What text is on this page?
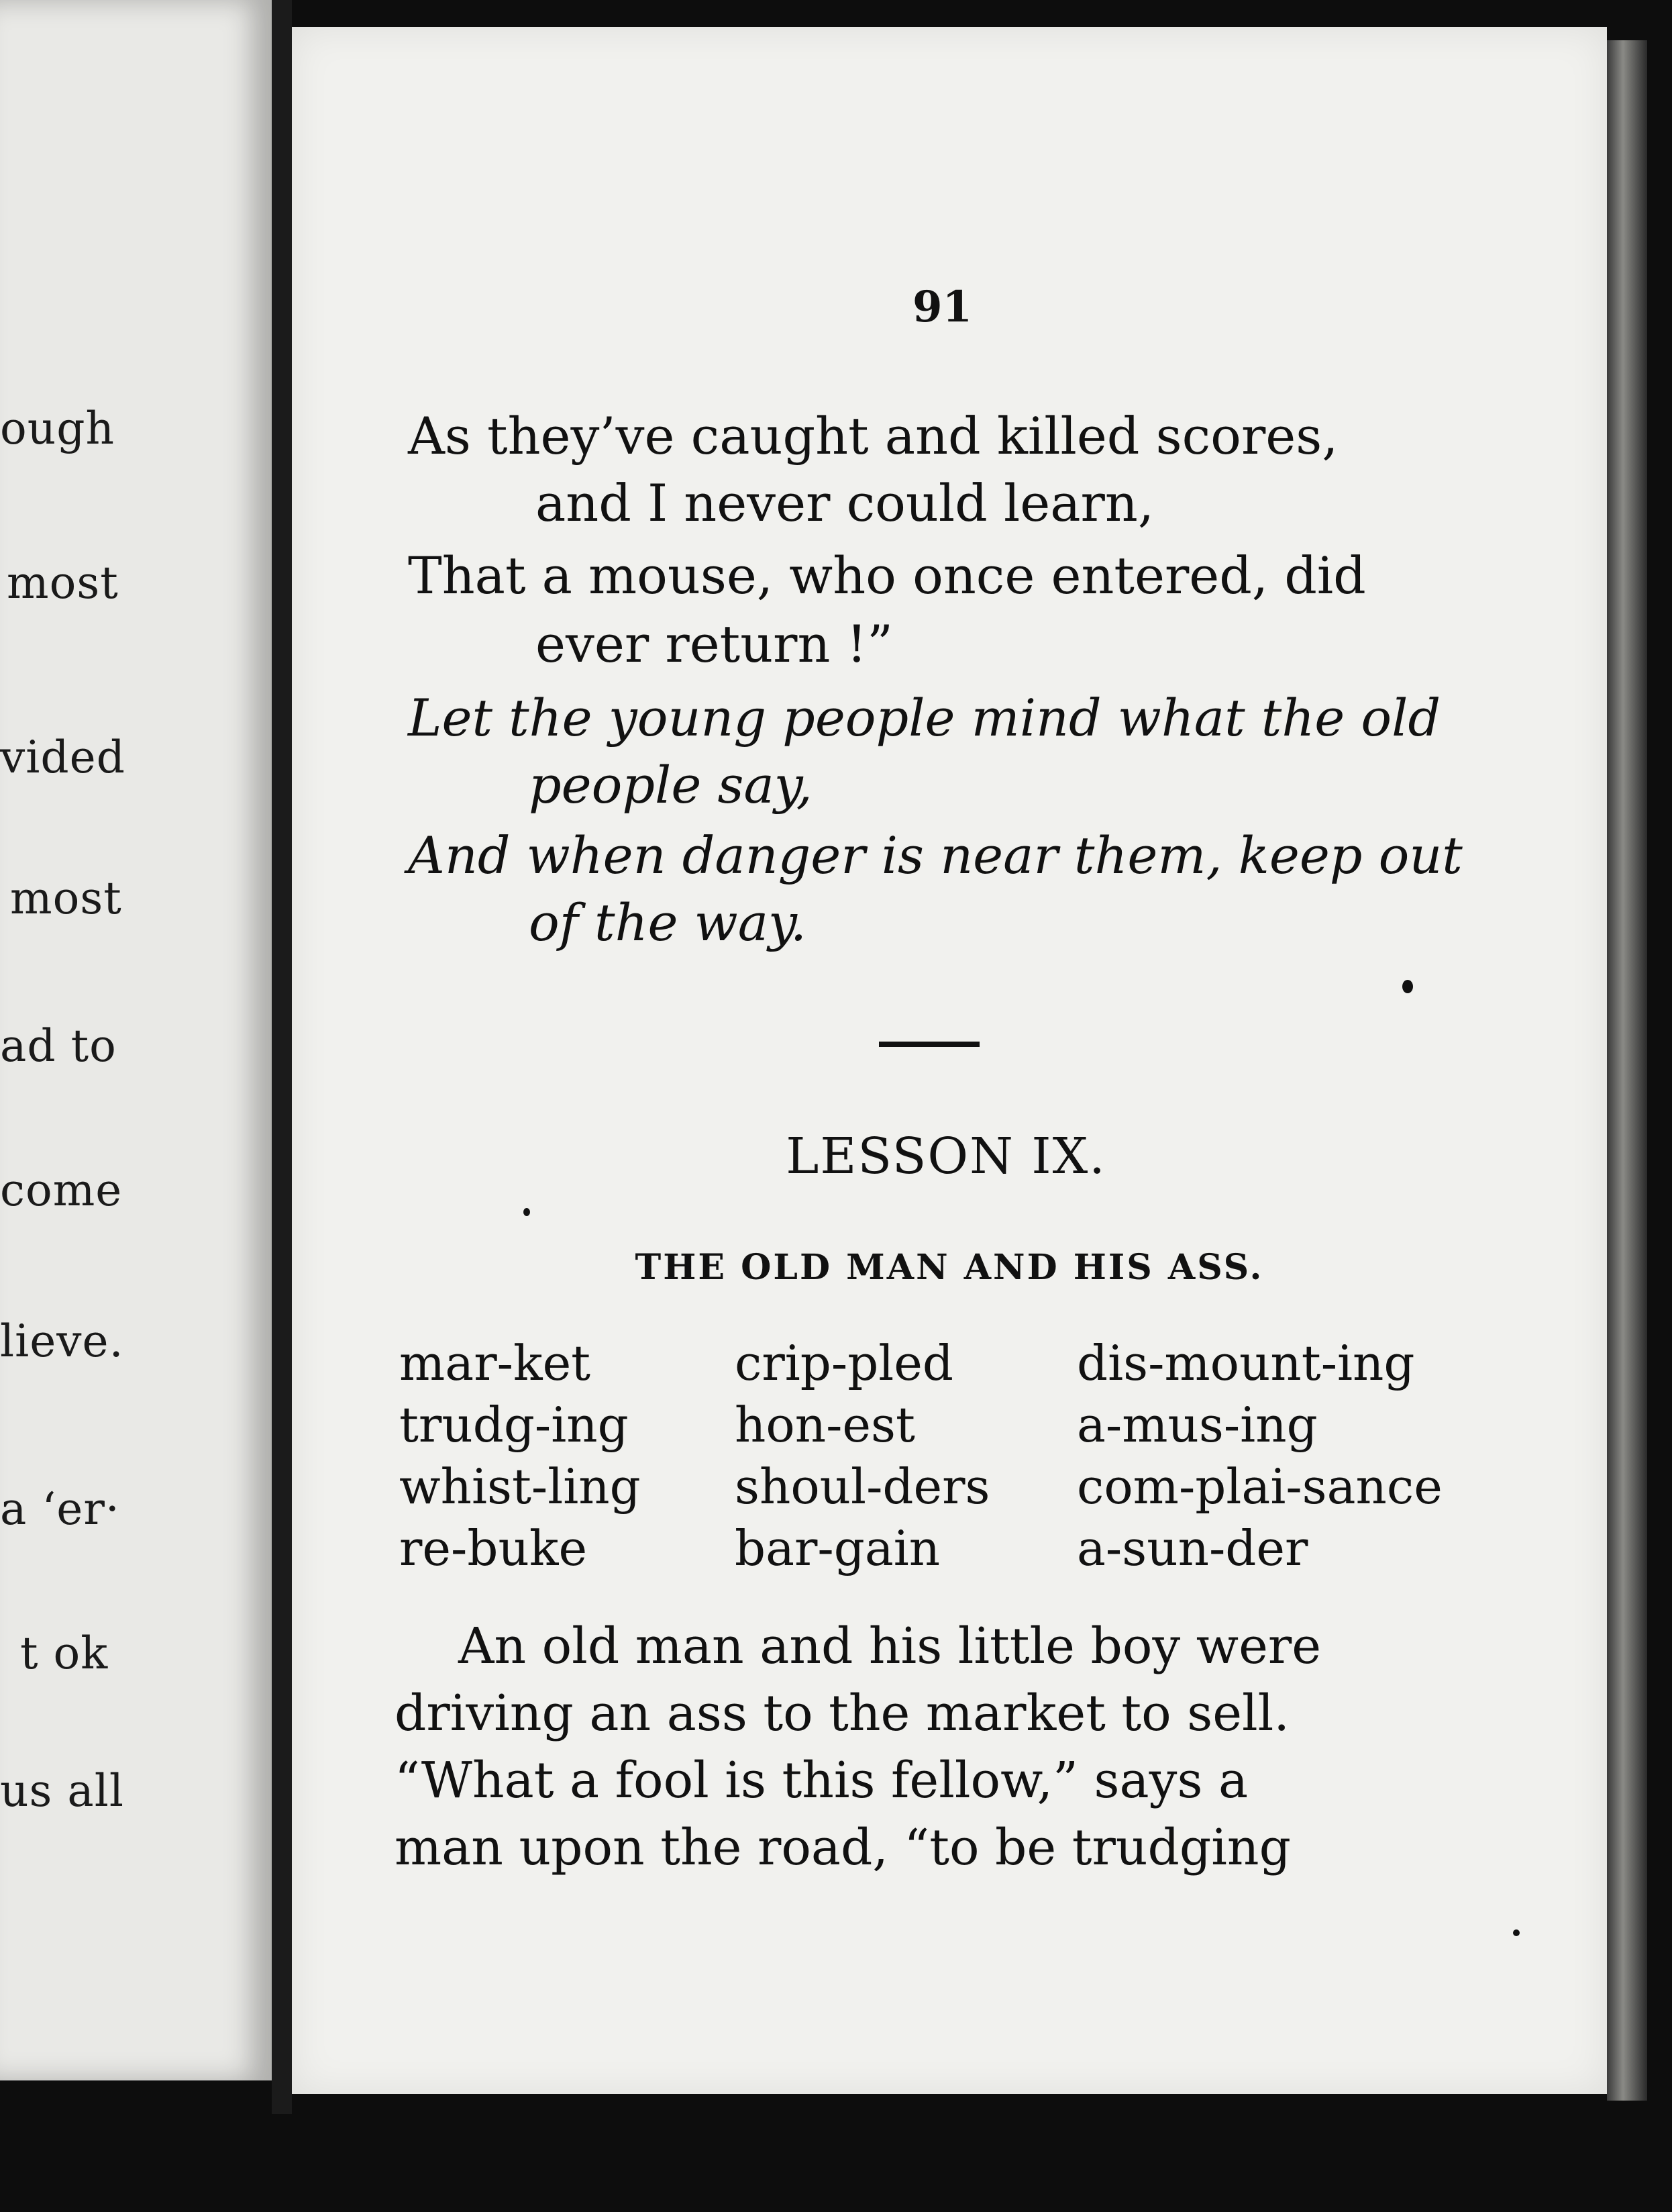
ough
most
vided
most
ad to
come
lieve.
a ‘er·
t ok
us all
91
As they’ve caught and killed scores,
and I never could learn,
That a mouse, who once entered, did
ever return !”
Let the young people mind what the old
people say,
And when danger is near them, keep out
of the way.
LESSON IX.
THE OLD MAN AND HIS ASS.
mar-ket
trudg-ing
whist-ling
re-buke
crip-pled
hon-est
shoul-ders
bar-gain
dis-mount-ing
a-mus-ing
com-plai-sance
a-sun-der
An old man and his little boy were
driving an ass to the market to sell.
“What a fool is this fellow,” says a
man upon the road, “to be trudging
